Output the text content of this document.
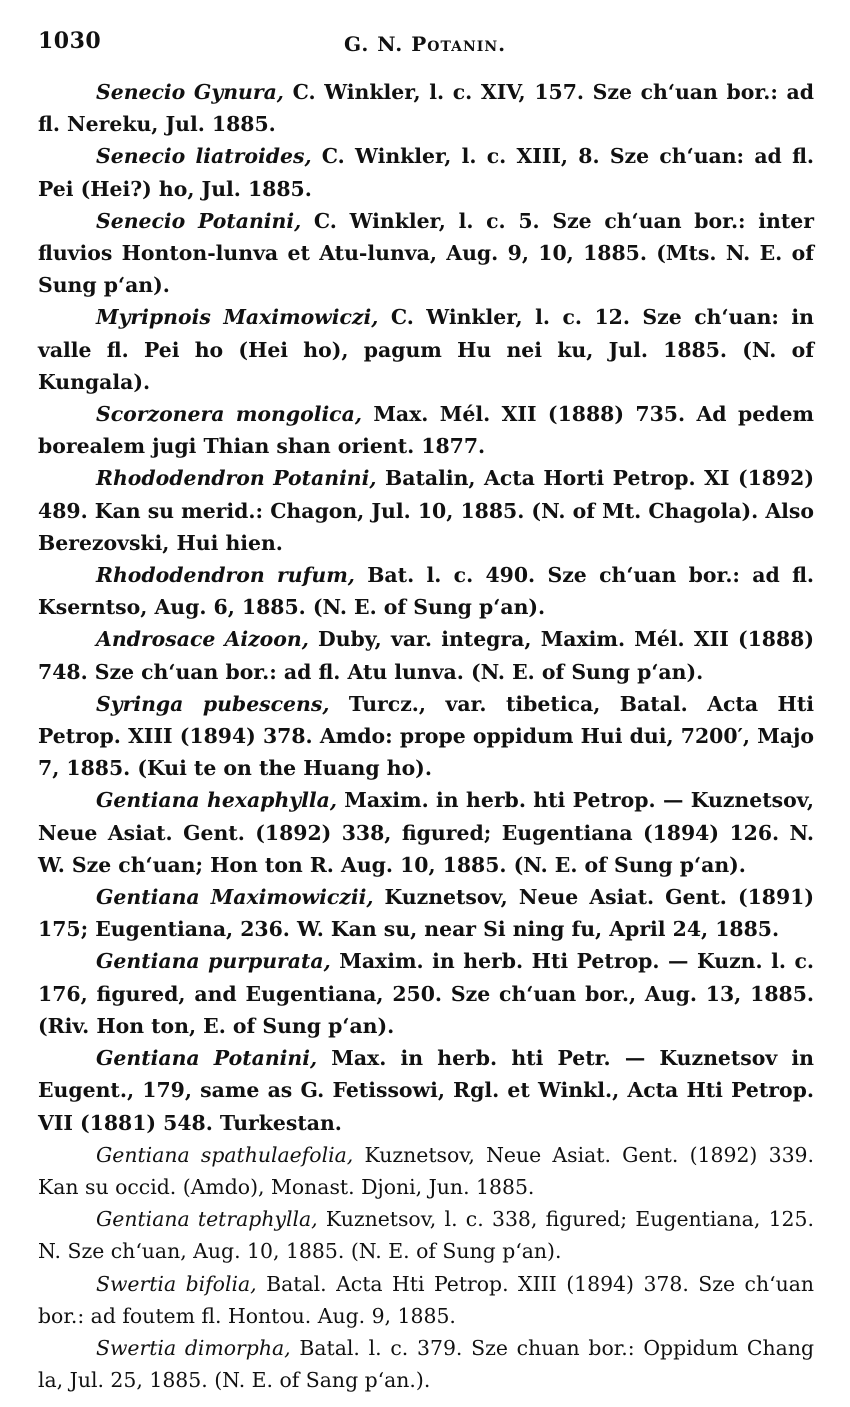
1030	G. N. Potanin.

Senecio Gynura, C. Winkler, l. c. XIV, 157. Sze chʻuan bor.: ad fl. Nereku, Jul. 1885.

Senecio liatroides, C. Winkler, l. c. XIII, 8. Sze chʻuan: ad fl. Pei (Hei?) ho, Jul. 1885.

Senecio Potanini, C. Winkler, l. c. 5. Sze chʻuan bor.: inter fluvios Honton-lunva et Atu-lunva, Aug. 9, 10, 1885. (Mts. N. E. of Sung pʻan).

Myripnois Maximowiczi, C. Winkler, l. c. 12. Sze chʻuan: in valle fl. Pei ho (Hei ho), pagum Hu nei ku, Jul. 1885. (N. of Kungala).

Scorzonera mongolica, Max. Mél. XII (1888) 735. Ad pedem borealem jugi Thian shan orient. 1877.

Rhododendron Potanini, Batalin, Acta Horti Petrop. XI (1892) 489. Kan su merid.: Chagon, Jul. 10, 1885. (N. of Mt. Chagola). Also Berezovski, Hui hien.

Rhododendron rufum, Bat. l. c. 490. Sze chʻuan bor.: ad fl. Kserntso, Aug. 6, 1885. (N. E. of Sung pʻan).

Androsace Aizoon, Duby, var. integra, Maxim. Mél. XII (1888) 748. Sze chʻuan bor.: ad fl. Atu lunva. (N. E. of Sung pʻan).

Syringa pubescens, Turcz., var. tibetica, Batal. Acta Hti Petrop. XIII (1894) 378. Amdo: prope oppidum Hui dui, 7200′, Majo 7, 1885. (Kui te on the Huang ho).

Gentiana hexaphylla, Maxim. in herb. hti Petrop. — Kuznetsov, Neue Asiat. Gent. (1892) 338, figured; Eugentiana (1894) 126. N. W. Sze chʻuan; Hon ton R. Aug. 10, 1885. (N. E. of Sung pʻan).

Gentiana Maximowiczii, Kuznetsov, Neue Asiat. Gent. (1891) 175; Eugentiana, 236. W. Kan su, near Si ning fu, April 24, 1885.

Gentiana purpurata, Maxim. in herb. Hti Petrop. — Kuzn. l. c. 176, figured, and Eugentiana, 250. Sze chʻuan bor., Aug. 13, 1885. (Riv. Hon ton, E. of Sung pʻan).

Gentiana Potanini, Max. in herb. hti Petr. — Kuznetsov in Eugent., 179, same as G. Fetissowi, Rgl. et Winkl., Acta Hti Petrop. VII (1881) 548. Turkestan.

Gentiana spathulaefolia, Kuznetsov, Neue Asiat. Gent. (1892) 339. Kan su occid. (Amdo), Monast. Djoni, Jun. 1885.

Gentiana tetraphylla, Kuznetsov, l. c. 338, figured; Eugentiana, 125. N. Sze chʻuan, Aug. 10, 1885. (N. E. of Sung pʻan).

Swertia bifolia, Batal. Acta Hti Petrop. XIII (1894) 378. Sze chʻuan bor.: ad foutem fl. Hontou. Aug. 9, 1885.

Swertia dimorpha, Batal. l. c. 379. Sze chuan bor.: Oppidum Chang la, Jul. 25, 1885. (N. E. of Sang pʻan.).
